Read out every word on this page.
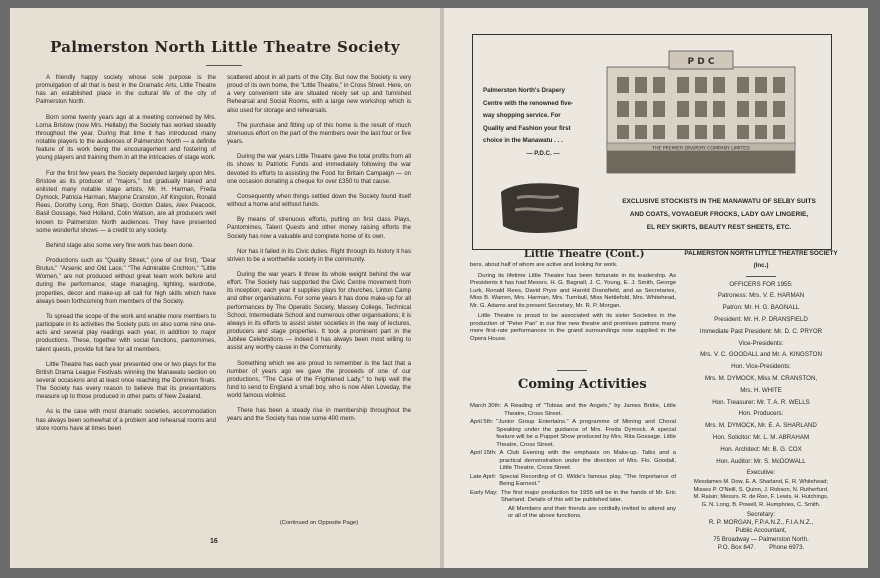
Palmerston North Little Theatre Society

A friendly happy society whose sole purpose is the promulgation of all that is best in the Dramatic Arts, Little Theatre has an established place in the cultural life of the city of Palmerston North.

Born some twenty years ago at a meeting convened by Mrs. Lorna Bristow (now Mrs. Hellaby) the Society has worked steadily throughout the year. During that time it has introduced many notable players to the audiences of Palmerston North — a definite feature of its work being the encouragement and fostering of young players and training them in all the intricacies of stage work.

For the first few years the Society depended largely upon Mrs. Bristow as its producer of "majors," but gradually trained and enlisted many notable stage artists, Mr. H. Harman, Freda Dymock, Patricia Harman, Marjorie Cranston, Alf Kingston, Ronald Rees, Dorothy Long, Ron Sharp, Gordon Oates, Alex Peacock, Basil Gossage, Ned Holland, Colin Watson, are all producers well known to Palmerston North audiences. They have presented some wonderful shows — a credit to any society.

Behind stage also some very fine work has been done.

Productions such as "Quality Street," (one of our first), "Dear Brutus," "Arsenic and Old Lace," "The Admirable Crichton," "Little Women," are not produced without great team work before and during the performance, stage managing, lighting, wardrobe, properties, decor and make-up all call for high skills which have always been forthcoming from members of the Society.

To spread the scope of the work and enable more members to participate in its activities the Society puts on also some nine one-acts and several play readings each year, in addition to major productions. These, together with social functions, pantomimes, talent quests, provide full fare for all members.

Little Theatre has each year presented one or two plays for the British Drama League Festivals winning the Manawatu section on several occasions and at least once reaching the Dominion finals. The Society has every reason to believe that its presentations measure up to those produced in other parts of New Zealand.

As is the case with most dramatic societies, accommodation has always been somewhat of a problem and rehearsal rooms and store rooms have at times been

scattered about in all parts of the City. But now the Society is very proud of its own home, the "Little Theatre," in Cross Street. Here, on a very convenient site are situated nicely set up and furnished Rehearsal and Social Rooms, with a large new workshop which is also used for storage and rehearsals.

The purchase and fitting up of this home is the result of much strenuous effort on the part of the members over the last four or five years.

During the war years Little Theatre gave the total profits from all its shows to Patriotic Funds and immediately following the war devoted its efforts to assisting the Food for Britain Campaign — on one occasion donating a cheque for over £350 to that cause.

Consequently when things settled down the Society found itself without a home and without funds.

By means of strenuous efforts, putting on first class Plays, Pantomimes, Talent Quests and other money raising efforts the Society has now a valuable and complete home of its own.

Nor has it failed in its Civic duties. Right through its history it has striven to be a worthwhile society in the community.

During the war years it threw its whole weight behind the war effort. The Society has supported the Civic Centre movement from its inception; each year it supplies plays for churches, Linton Camp and other organisations. For some years it has done make-up for all performances by The Operatic Society, Massey College, Technical School, Intermediate School and numerous other organisations; it is always in its efforts to assist sister societies in the way of lectures, producers and stage properties. It took a prominent part in the Jubilee Celebrations — indeed it has always been most willing to assist any worthy cause in the Community.

Something which we are proud to remember is the fact that a number of years ago we gave the proceeds of one of our productions, "The Case of the Frightened Lady," to help well the fund to send to England a small boy, who is now Allen Loveday, the world famous violinist.

There has been a steady rise in membership throughout the years and the Society has now some 400 mem-

(Continued on Opposite Page)
16
Palmerston North's Drapery
Centre with the renowned five-
way shopping service. For
Quality and Fashion your first
choice in the Manawatu . . .
— P.D.C. —
P D C
THE PREMIER DRAPERY COMPANY LIMITED
EXCLUSIVE STOCKISTS IN THE MANAWATU OF SELBY SUITS
AND COATS, VOYAGEUR FROCKS, LADY GAY LINGERIE,
EL REY SKIRTS, BEAUTY REST SHEETS, ETC.
Little Theatre (Cont.)

bers, about half of whom are active and looking for work.

During its lifetime Little Theatre has been fortunate in its leadership. As Presidents it has had Messrs. H. G. Bagnall, J. C. Young, E. J. Smith, George Lurk, Ronald Rees, David Pryor and Harold Dransfield, and as Secretaries, Miss B. Warren, Mrs. Harman, Mrs. Turnbull, Miss Nettlefold, Mrs. Whitehead, Mr. G. Adams and its present Secretary, Mr. R. P. Morgan.

Little Theatre is proud to be associated with its sister Societies in the production of "Peter Pan" in our fine new theatre and promises patrons many more first-rate performances in the grand surroundings now supplied in the Opera House.

Coming Activities
March 30th: A Reading of "Tobias and the Angels," by James Bridie, Little Theatre, Cross Street.
April 5th: "Junior Group Entertains." A programme of Miming and Choral Speaking under the guidance of Mrs. Freda Dymock. A special feature will be a Puppet Show produced by Mrs. Rita Gossage. Little Theatre, Cross Street.
April 15th: A Club Evening with the emphasis on Make-up. Talks and a practical demonstration under the direction of Mrs. Flo. Goodall, Little Theatre, Cross Street.
Late April: Special Recording of O. Wilde's famous play, "The Importance of Being Earnest."
Early May: The first major production for 1955 will be in the hands of Mr. Eric Sharland. Details of this will be published later.
All Members and their friends are cordially invited to attend any or all of the above functions.
PALMERSTON NORTH LITTLE THEATRE SOCIETY
(Inc.)
OFFICERS FOR 1955:
Patroness: Mrs. V. E. HARMAN
Patron: Mr. H. G. BAGNALL
President: Mr. H. P. DRANSFIELD
Immediate Past President: Mr. D. C. PRYOR
Vice-Presidents:
Mrs. V. C. GOODALL and Mr. A. KINGSTON
Hon. Vice-Presidents:
Mrs. M. DYMOCK, Miss M. CRANSTON,
Mrs. H. WHITE
Hon. Treasurer: Mr. T. A. R. WELLS
Hon. Producers:
Mrs. M. DYMOCK, Mr. E. A. SHARLAND
Hon. Solicitor: Mr. L. M. ABRAHAM
Hon. Architect: Mr. B. G. COX
Hon. Auditor: Mr. S. McDOWALL
Executive:
Mesdames M. Dow, E. A. Sharland, E. R. Whitehead;
Misses P. O'Neill, S. Quinn, J. Robson, N. Rutherfurd.
M. Raisin; Messrs. R. de Roo, F. Lewis, H. Hutchings,
G. N. Long, B. Powell, R. Humphries, C. Smith.
Secretary:
R. P. MORGAN, F.P.A.N.Z., F.I.A.N.Z.,
Public Accountant,
75 Broadway — Palmerston North.
P.O. Box 847.        Phone 6973.
